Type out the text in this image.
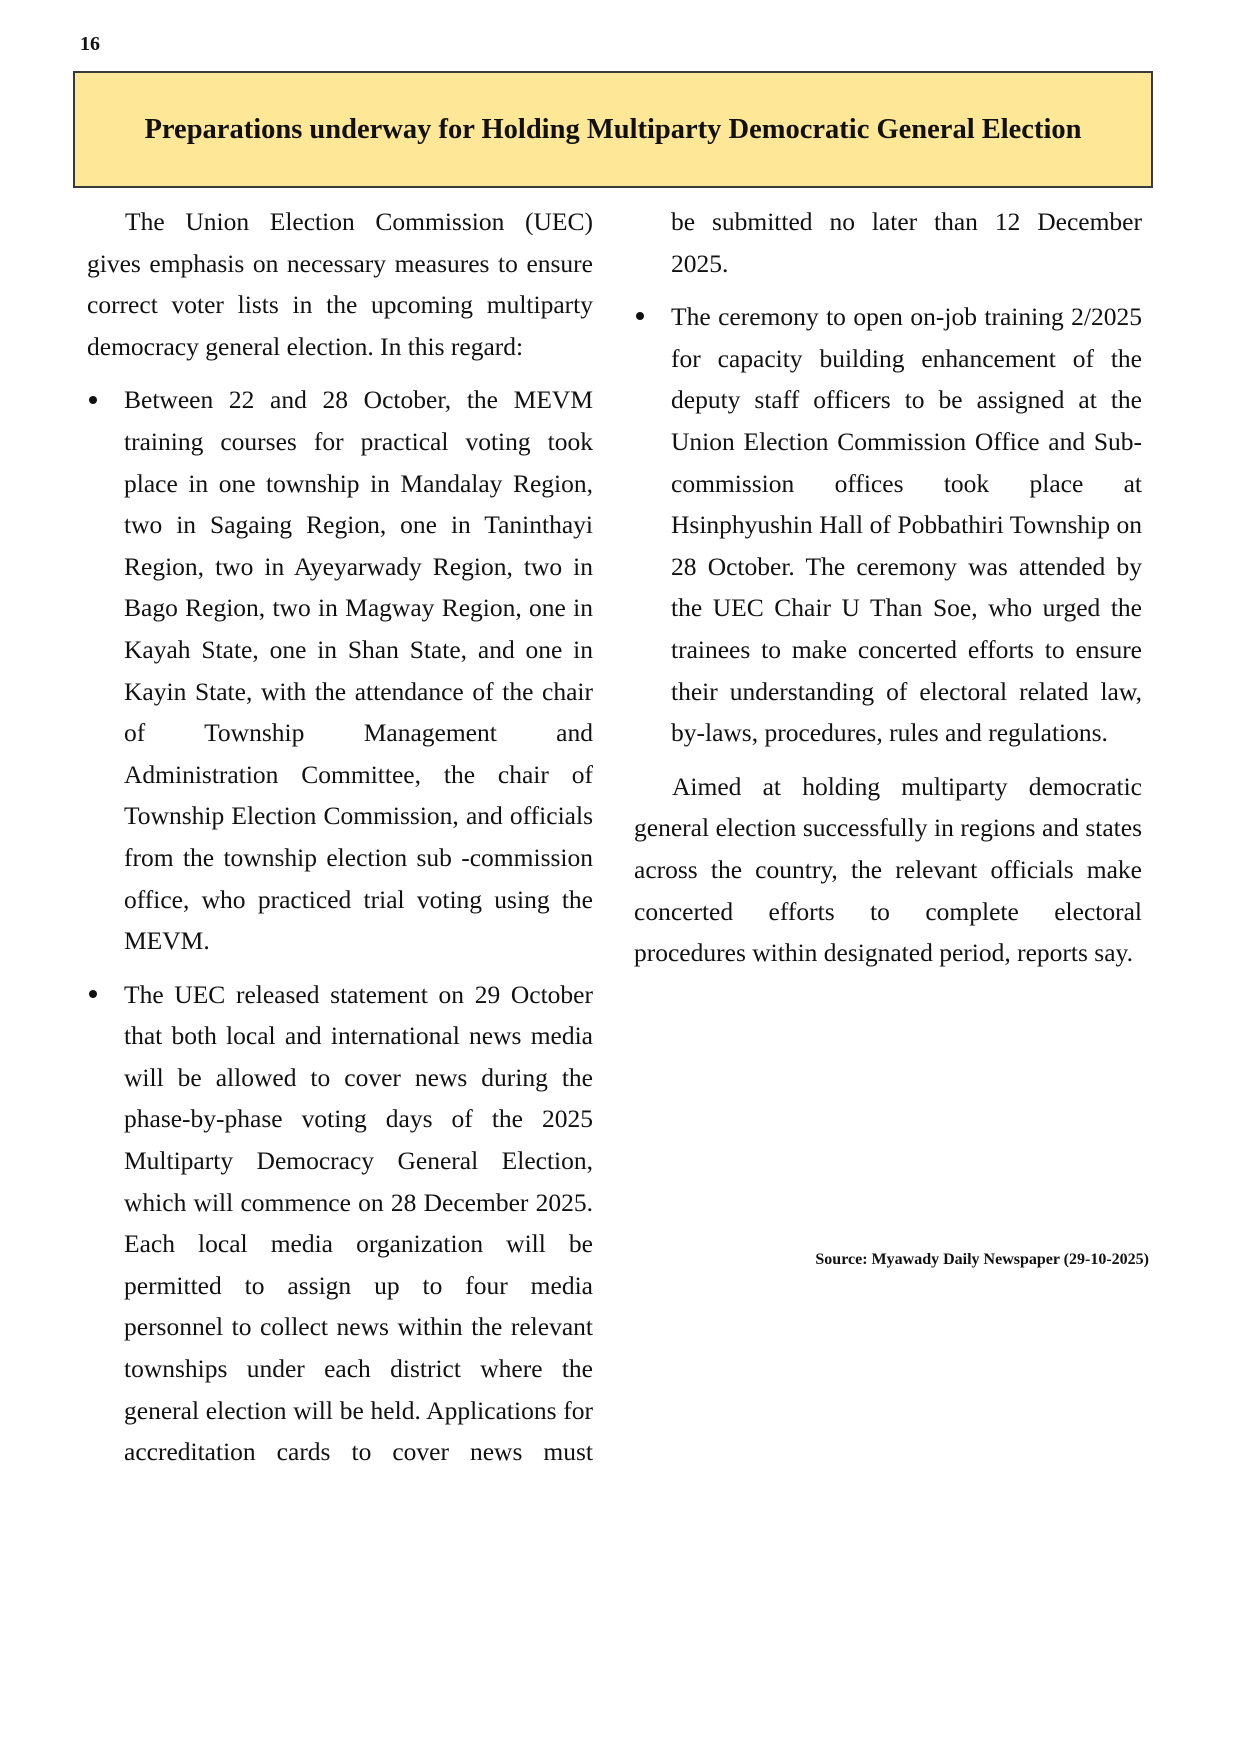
16
Preparations underway for Holding Multiparty Democratic General Election

The Union Election Commission (UEC) gives emphasis on necessary measures to ensure correct voter lists in the upcoming multiparty democracy general election. In this regard:

Between 22 and 28 October, the MEVM training courses for practical voting took place in one township in Mandalay Region, two in Sagaing Region, one in Taninthayi Region, two in Ayeyarwady Region, two in Bago Region, two in Magway Region, one in Kayah State, one in Shan State, and one in Kayin State, with the attendance of the chair of Township Management and Administration Committee, the chair of Township Election Commission, and officials from the township election sub -commission office, who practiced trial voting using the MEVM.

The UEC released statement on 29 October that both local and international news media will be allowed to cover news during the phase-by-phase voting days of the 2025 Multiparty Democracy General Election, which will commence on 28 December 2025. Each local media organization will be permitted to assign up to four media personnel to collect news within the relevant townships under each district where the general election will be held. Applications for accreditation cards to cover news must

be submitted no later than 12 December 2025.

The ceremony to open on-job training 2/2025 for capacity building enhancement of the deputy staff officers to be assigned at the Union Election Commission Office and Sub-commission offices took place at Hsinphyushin Hall of Pobbathiri Township on 28 October. The ceremony was attended by the UEC Chair U Than Soe, who urged the trainees to make concerted efforts to ensure their understanding of electoral related law, by-laws, procedures, rules and regulations.

Aimed at holding multiparty democratic general election successfully in regions and states across the country, the relevant officials make concerted efforts to complete electoral procedures within designated period, reports say.

Source: Myawady Daily Newspaper (29-10-2025)
